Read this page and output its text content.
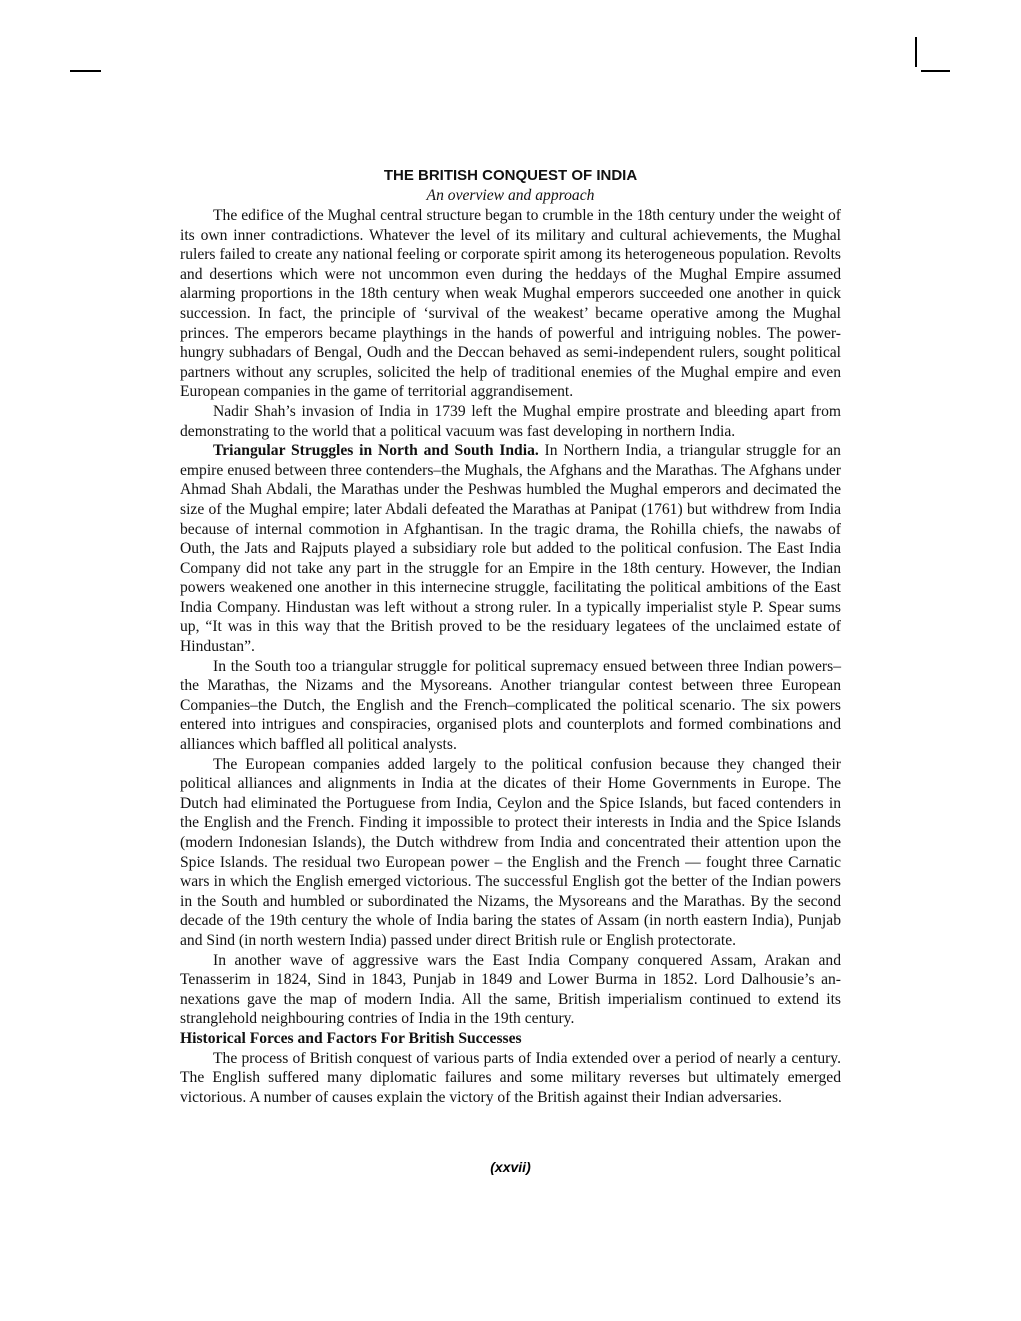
THE BRITISH CONQUEST OF INDIA
An overview and approach

The edifice of the Mughal central structure began to crumble in the 18th century under the weight of its own inner contradictions. Whatever the level of its military and cultural achievements, the Mughal rulers failed to create any national feeling or corporate spirit among its heterogeneous population. Revolts and desertions which were not uncommon even during the heddays of the Mughal Empire assumed alarming proportions in the 18th century when weak Mughal emperors succeeded one another in quick succession. In fact, the principle of ‘survival of the weakest’ became operative among the Mughal princes. The emperors became playthings in the hands of powerful and intriguing nobles. The power-hungry subhadars of Bengal, Oudh and the Deccan behaved as semi-independent rulers, sought political partners without any scruples, solicited the help of traditional enemies of the Mughal empire and even European companies in the game of territorial aggrandisement.

Nadir Shah’s invasion of India in 1739 left the Mughal empire prostrate and bleeding apart from demonstrating to the world that a political vacuum was fast developing in northern India.

Triangular Struggles in North and South India. In Northern India, a triangular struggle for an empire enused between three contenders–the Mughals, the Afghans and the Marathas. The Afghans under Ahmad Shah Abdali, the Marathas under the Peshwas humbled the Mughal emperors and decimated the size of the Mughal empire; later Abdali defeated the Marathas at Panipat (1761) but withdrew from India because of internal commotion in Afghantisan. In the tragic drama, the Rohilla chiefs, the nawabs of Outh, the Jats and Rajputs played a subsidiary role but added to the political confusion. The East India Company did not take any part in the struggle for an Empire in the 18th century. However, the Indian powers weakened one another in this internecine struggle, facilitating the political ambitions of the East India Company. Hindustan was left without a strong ruler. In a typically imperialist style P. Spear sums up, “It was in this way that the British proved to be the residuary legatees of the unclaimed estate of Hindustan”.

In the South too a triangular struggle for political supremacy ensued between three Indian powers– the Marathas, the Nizams and the Mysoreans. Another triangular contest between three European Companies–the Dutch, the English and the French–complicated the political scenario. The six powers entered into intrigues and conspiracies, organised plots and counterplots and formed combinations and alliances which baffled all political analysts.

The European companies added largely to the political confusion because they changed their political alliances and alignments in India at the dicates of their Home Governments in Europe. The Dutch had eliminated the Portuguese from India, Ceylon and the Spice Islands, but faced contenders in the English and the French. Finding it impossible to protect their interests in India and the Spice Islands (modern Indonesian Islands), the Dutch withdrew from India and concentrated their attention upon the Spice Islands. The residual two European power – the English and the French — fought three Carnatic wars in which the English emerged victorious. The successful English got the better of the Indian powers in the South and humbled or subordinated the Nizams, the Mysoreans and the Marathas. By the second decade of the 19th century the whole of India baring the states of Assam (in north eastern India), Punjab and Sind (in north western India) passed under direct British rule or English protectorate.

In another wave of aggressive wars the East India Company conquered Assam, Arakan and Tenasserim in 1824, Sind in 1843, Punjab in 1849 and Lower Burma in 1852. Lord Dalhousie’s annexations gave the map of modern India. All the same, British imperialism continued to extend its stranglehold neighbouring contries of India in the 19th century.

Historical Forces and Factors For British Successes

The process of British conquest of various parts of India extended over a period of nearly a century. The English suffered many diplomatic failures and some military reverses but ultimately emerged victorious. A number of causes explain the victory of the British against their Indian adversaries.

(xxvii)
